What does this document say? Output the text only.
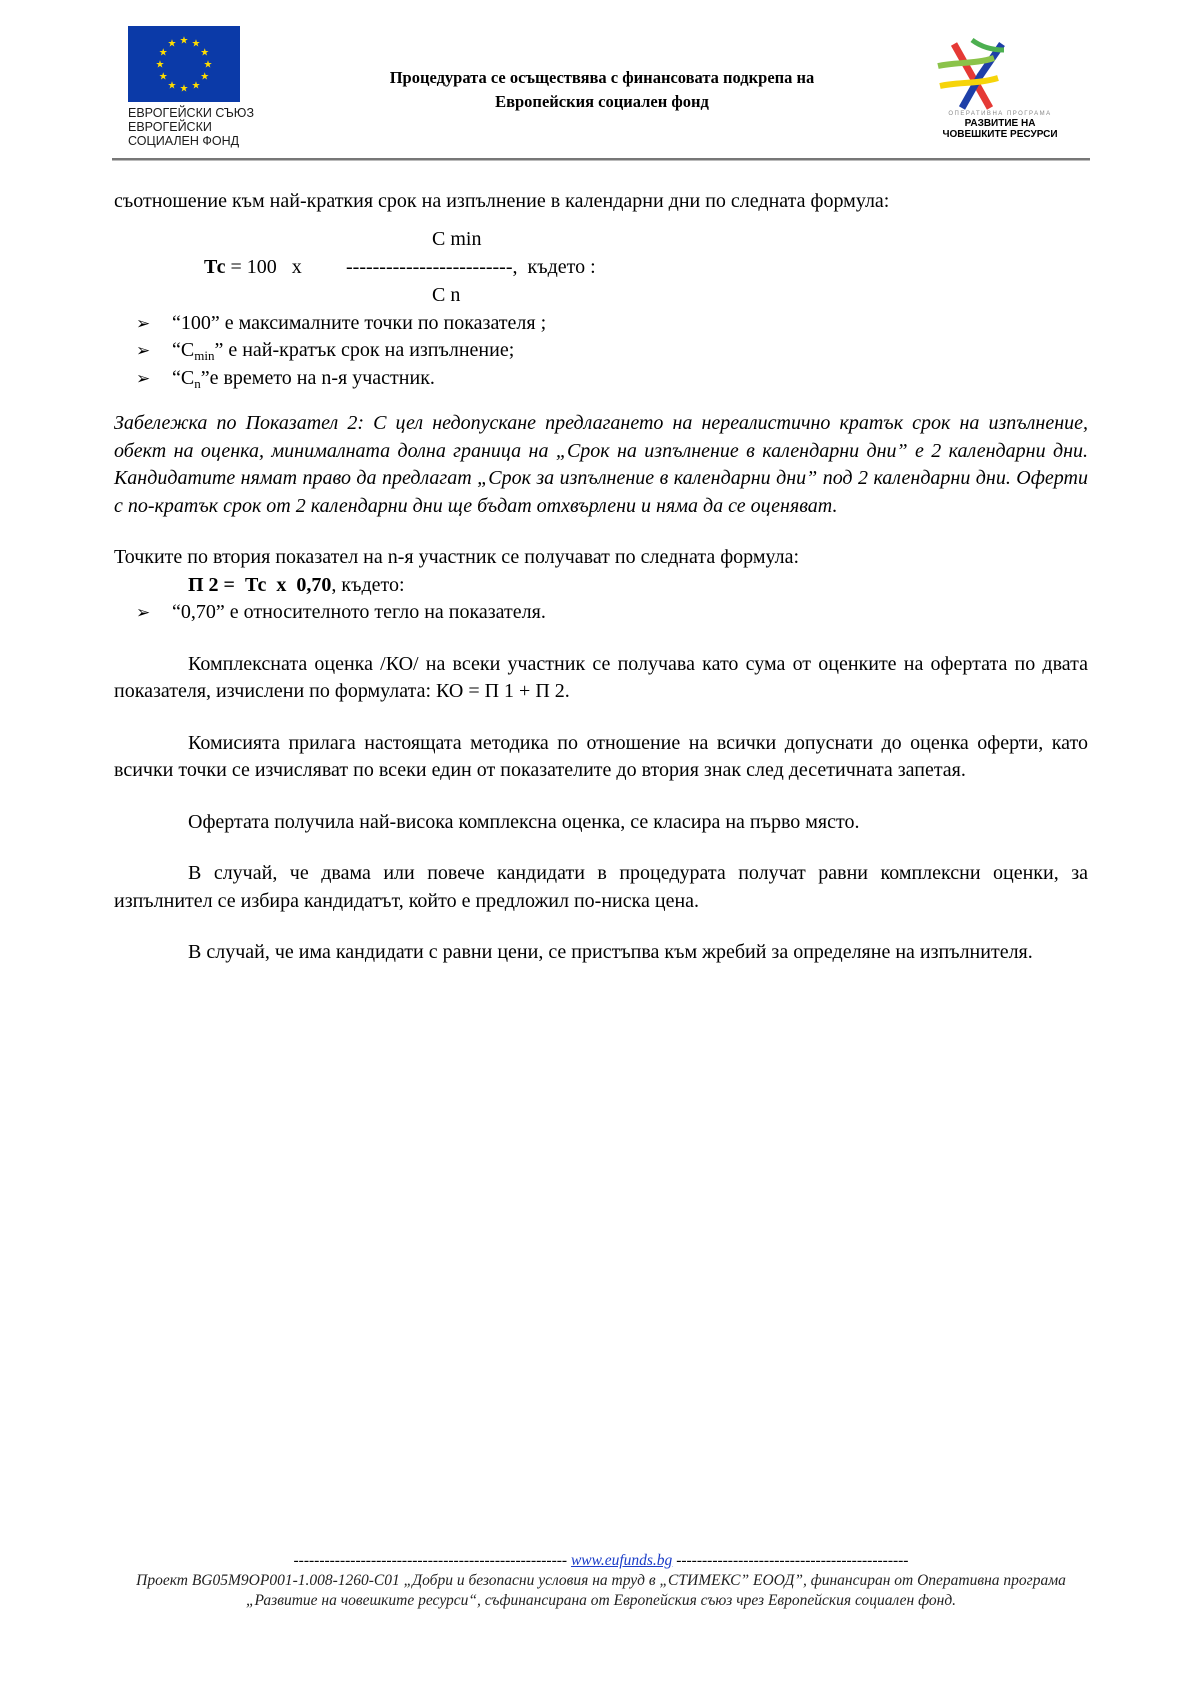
★ ★
★
★
★
★
★
★
★
★
★
★
ЕВРОГЕЙСКИ СЪЮЗ
ЕВРОГЕЙСКИ
СОЦИАЛЕН ФОНД
Процедурата се осъществява с финансовата подкрепа на
Европейския социален фонд
ОПЕРАТИВНА ПРОГРАМА
РАЗВИТИЕ НА
ЧОВЕШКИТЕ РЕСУРСИ

съотношение към най-краткия срок на изпълнение в календарни дни по следната формула:

C min
Тс = 100   x -------------------------,  където :
C n
➢ “100” е максималните точки по показателя ;
➢ “$C_{min}$” е най-кратък срок на изпълнение;
➢ “$C_n”е$ времето на n-я участник.

Забележка по Показател 2: С цел недопускане предлагането на нереалистично кратък срок на изпълнение, обект на оценка, минималната долна граница на „Срок на изпълнение в календарни дни” е 2 календарни дни. Кандидатите нямат право да предлагат „Срок за изпълнение в календарни дни” под 2 календарни дни. Оферти с по-кратък срок от 2 календарни дни ще бъдат отхвърлени и няма да се оценяват.

Точките по втория показател на n-я участник се получават по следната формула:

П 2 =  Тс  х  0,70, където:

➢ “0,70” е относителното тегло на показателя.

Комплексната оценка /КО/ на всеки участник се получава като сума от оценките на офертата по двата показателя, изчислени по формулата: КО = П 1 + П 2.

Комисията прилага настоящата методика по отношение на всички допуснати до оценка оферти, като всички точки се изчисляват по всеки един от показателите до втория знак след десетичната запетая.

Офертата получила най-висока комплексна оценка, се класира на първо място.

В случай, че двама или повече кандидати в процедурата получат равни комплексни оценки, за изпълнител се избира кандидатът, който е предложил по-ниска цена.

В случай, че има кандидати с равни цени, се пристъпва към жребий за определяне на изпълнителя.

----------------------------------------------------- www.eufunds.bg ---------------------------------------------
Проект BG05M9OP001-1.008-1260-C01 „Добри и безопасни условия на труд в „СТИМЕКС” ЕООД”, финансиран от Оперативна програма „Развитие на човешките ресурси“, съфинансирана от Европейския съюз чрез Европейския социален фонд.
